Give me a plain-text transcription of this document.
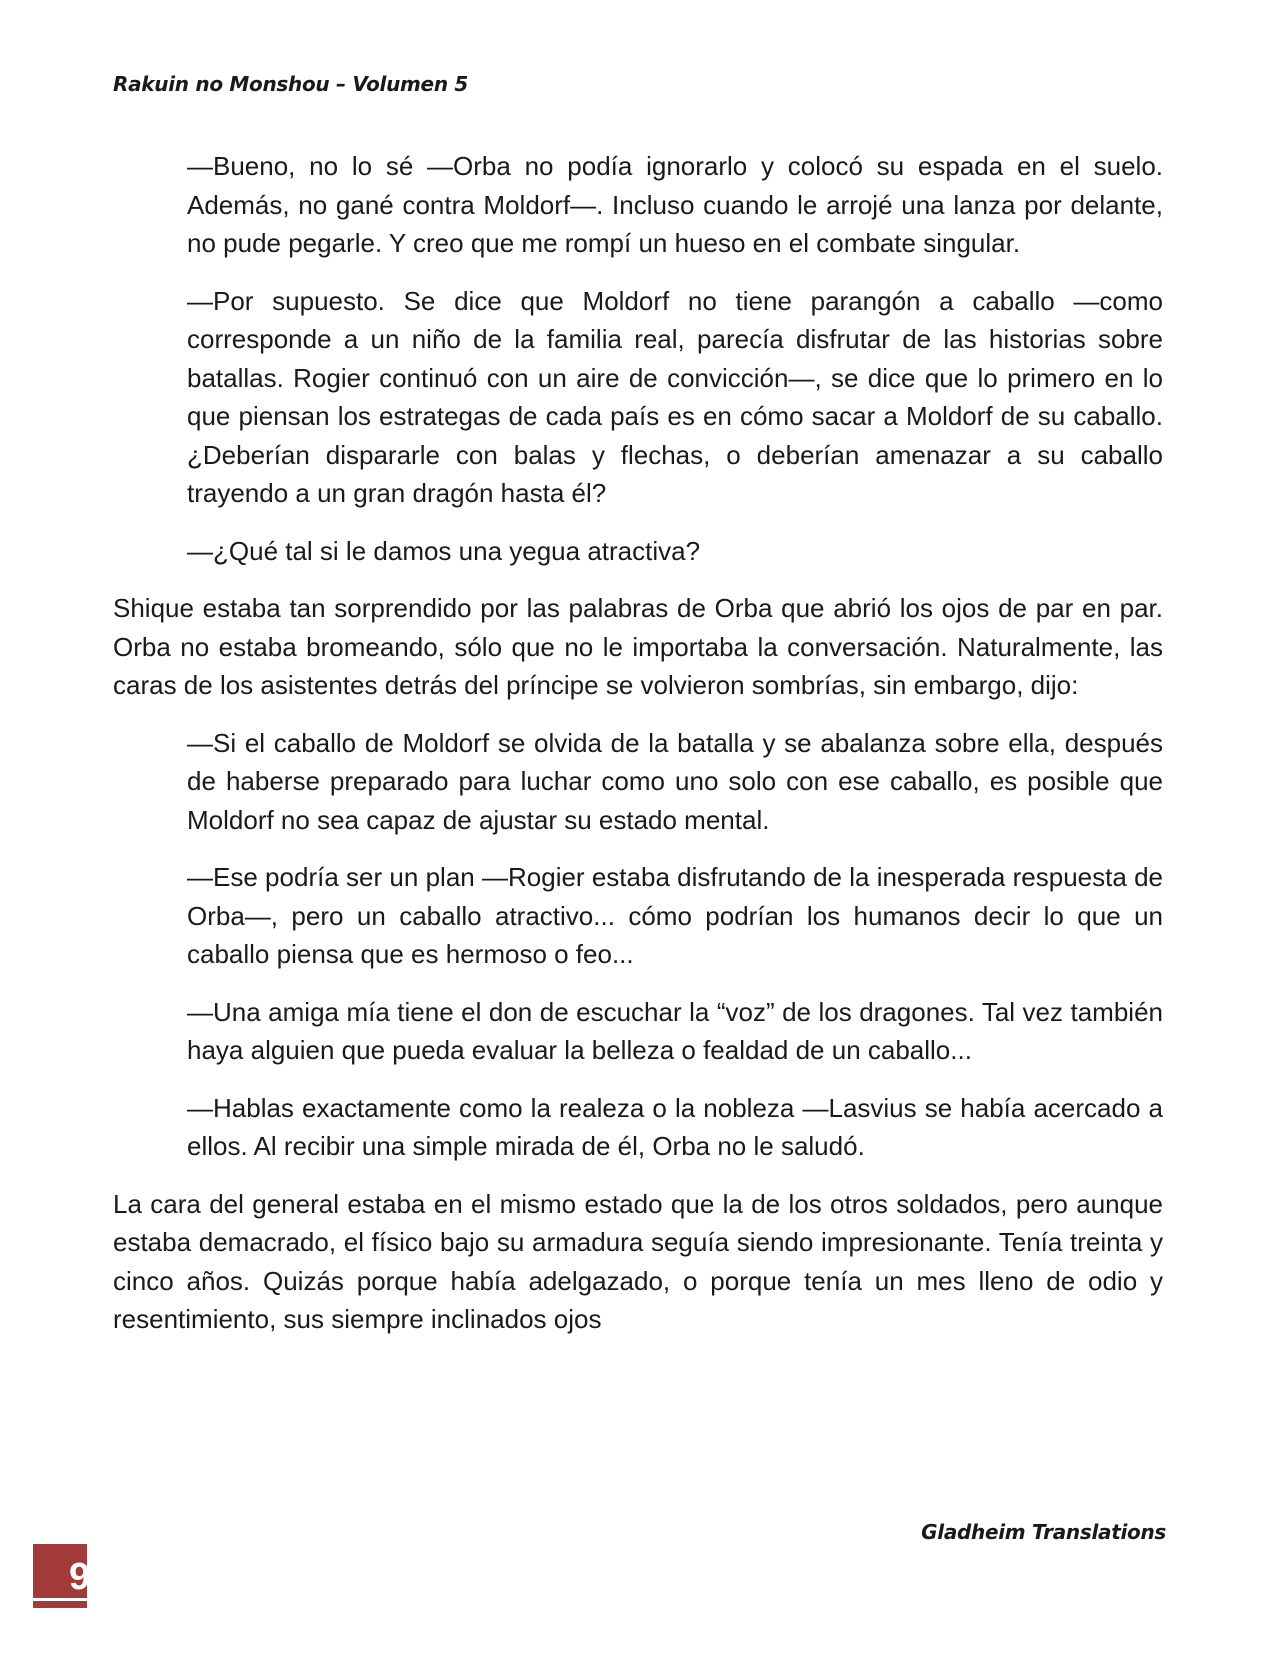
Rakuin no Monshou – Volumen 5

—Bueno, no lo sé —Orba no podía ignorarlo y colocó su espada en el suelo. Además, no gané contra Moldorf—. Incluso cuando le arrojé una lanza por delante, no pude pegarle. Y creo que me rompí un hueso en el combate singular.

—Por supuesto. Se dice que Moldorf no tiene parangón a caballo —como corresponde a un niño de la familia real, parecía disfrutar de las historias sobre batallas. Rogier continuó con un aire de convicción—, se dice que lo primero en lo que piensan los estrategas de cada país es en cómo sacar a Moldorf de su caballo. ¿Deberían dispararle con balas y flechas, o deberían amenazar a su caballo trayendo a un gran dragón hasta él?

—¿Qué tal si le damos una yegua atractiva?

Shique estaba tan sorprendido por las palabras de Orba que abrió los ojos de par en par. Orba no estaba bromeando, sólo que no le importaba la conversación. Naturalmente, las caras de los asistentes detrás del príncipe se volvieron sombrías, sin embargo, dijo:

—Si el caballo de Moldorf se olvida de la batalla y se abalanza sobre ella, después de haberse preparado para luchar como uno solo con ese caballo, es posible que Moldorf no sea capaz de ajustar su estado mental.

—Ese podría ser un plan —Rogier estaba disfrutando de la inesperada respuesta de Orba—, pero un caballo atractivo... cómo podrían los humanos decir lo que un caballo piensa que es hermoso o feo...

—Una amiga mía tiene el don de escuchar la “voz” de los dragones. Tal vez también haya alguien que pueda evaluar la belleza o fealdad de un caballo...

—Hablas exactamente como la realeza o la nobleza —Lasvius se había acercado a ellos. Al recibir una simple mirada de él, Orba no le saludó.

La cara del general estaba en el mismo estado que la de los otros soldados, pero aunque estaba demacrado, el físico bajo su armadura seguía siendo impresionante. Tenía treinta y cinco años. Quizás porque había adelgazado, o porque tenía un mes lleno de odio y resentimiento, sus siempre inclinados ojos

Gladheim Translations
9
